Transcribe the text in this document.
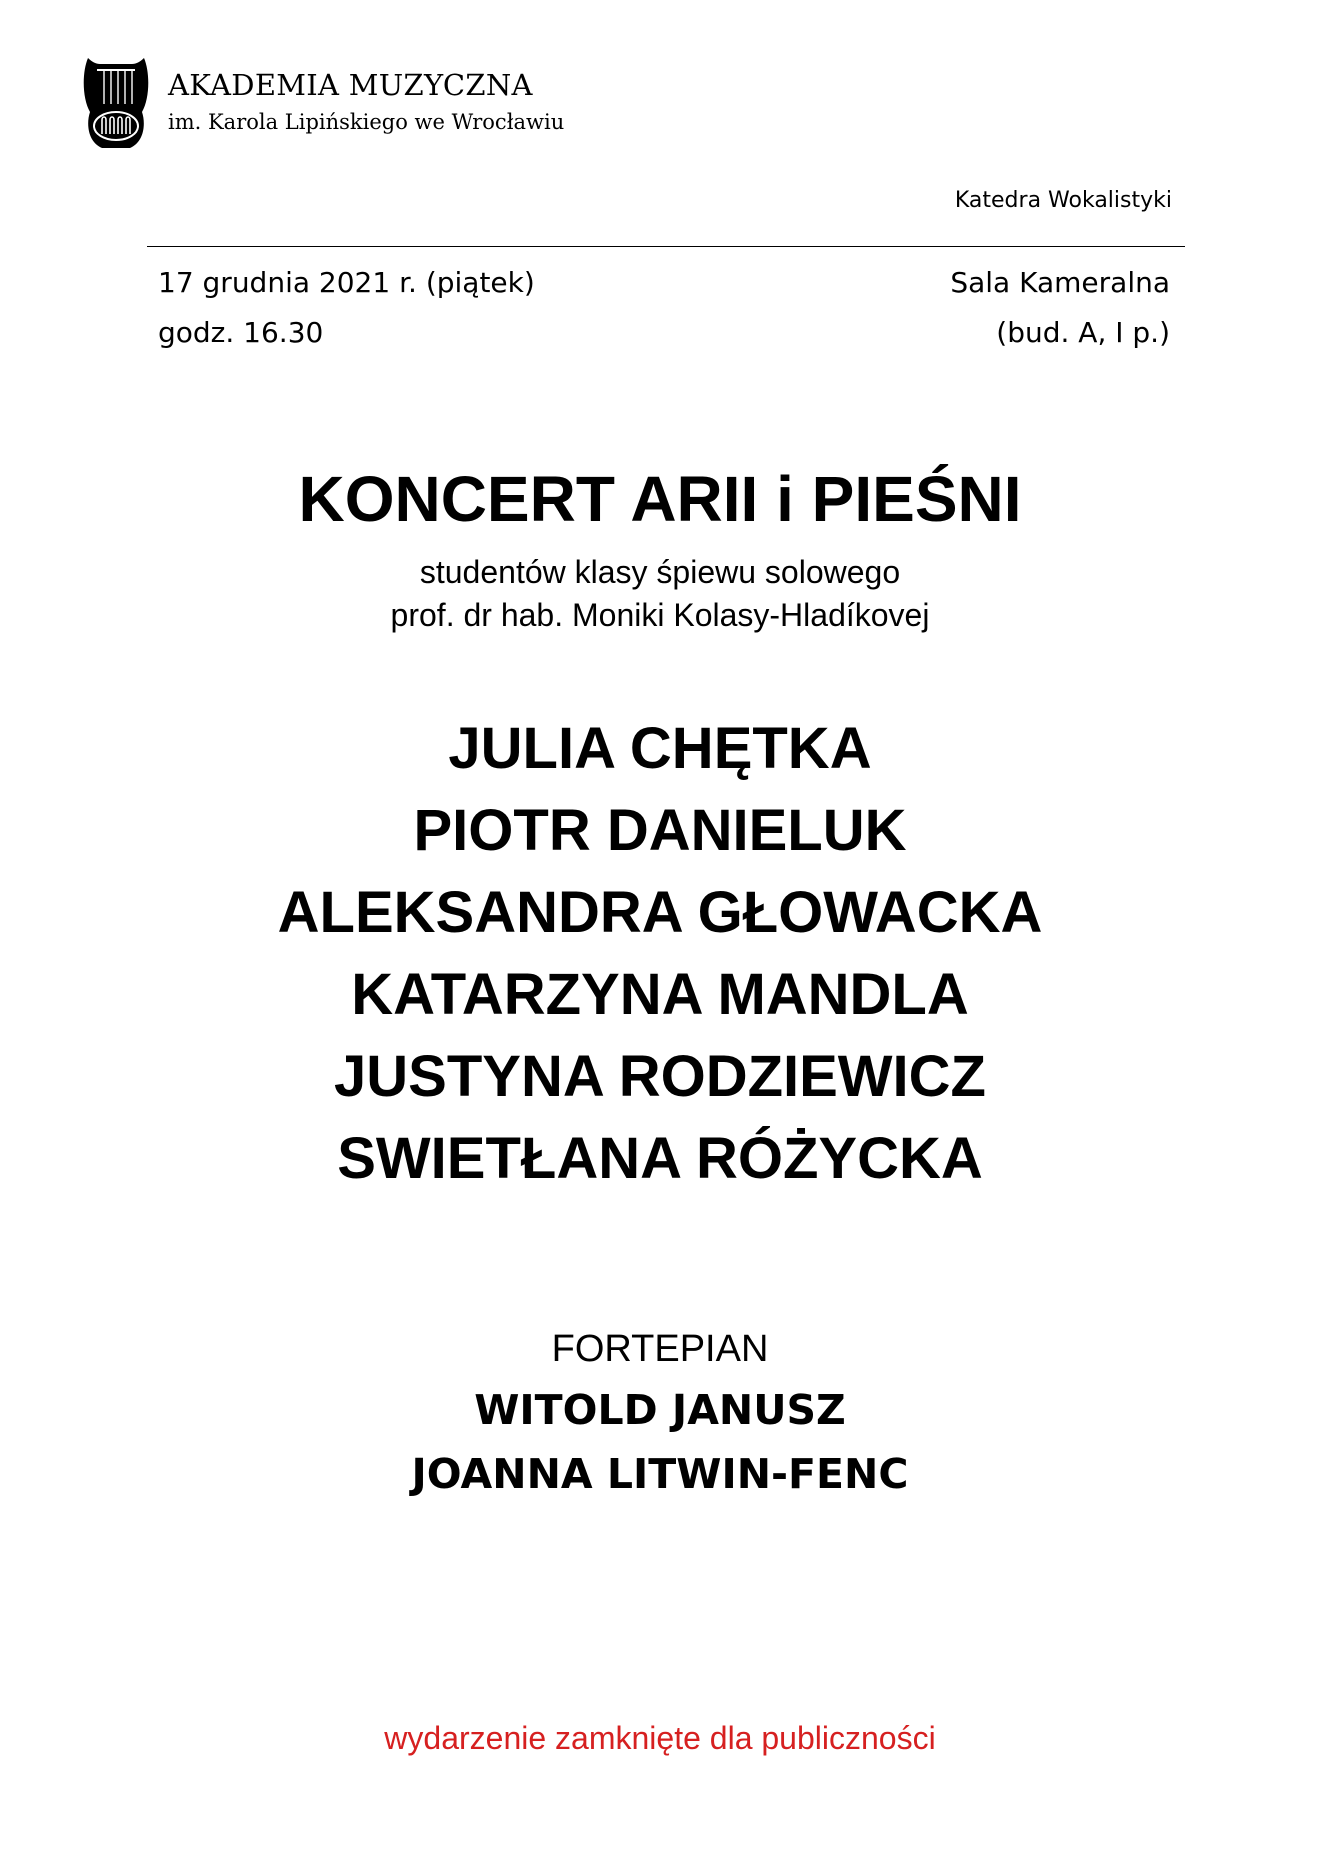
AKADEMIA MUZYCZNA
im. Karola Lipińskiego we Wrocławiu
Katedra Wokalistyki
17 grudnia 2021 r. (piątek)
godz. 16.30
Sala Kameralna
(bud. A, I p.)
KONCERT ARII i PIEŚNI
studentów klasy śpiewu solowego
prof. dr hab. Moniki Kolasy-Hladíkovej
JULIA CHĘTKA
PIOTR DANIELUK
ALEKSANDRA GŁOWACKA
KATARZYNA MANDLA
JUSTYNA RODZIEWICZ
SWIETŁANA RÓŻYCKA
FORTEPIAN
WITOLD JANUSZ
JOANNA LITWIN-FENC
wydarzenie zamknięte dla publiczności
